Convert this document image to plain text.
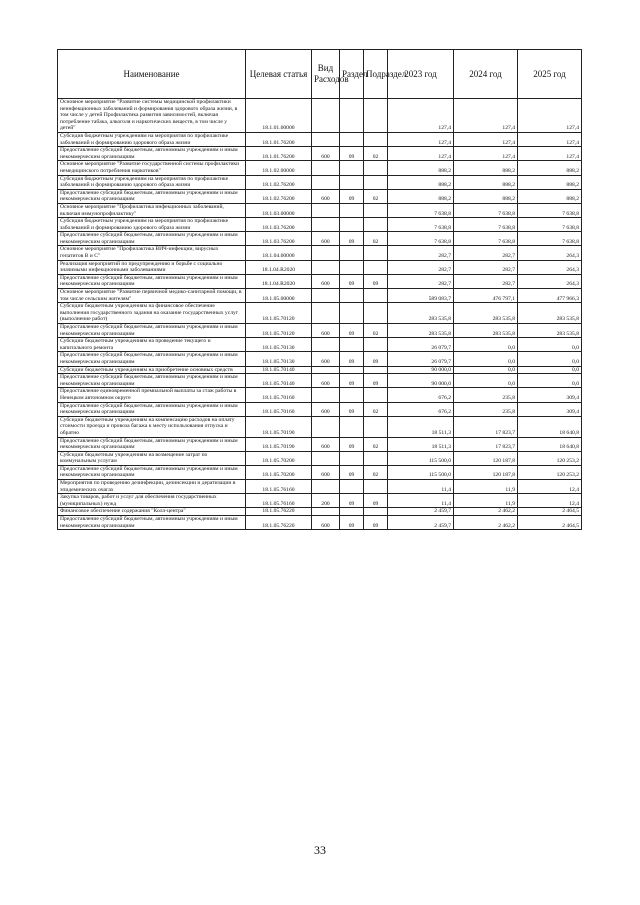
Наименование	Целевая статья	Вид Расходов	Раздел	Подраздел	2023 год	2024 год	2025 год
Основное мероприятие "Развитие системы медицинской профилактики неинфекционных заболеваний и формирования здорового образа жизни, в том числе у детей Профилактика развития зависимостей, включая потребление табака, алкоголя и наркотических веществ, в том числе у детей"	18.1.01.00000				127,4	127,4	127,4
Субсидия бюджетным учреждениям на мероприятия по профилактике заболеваний и формированию здорового образа жизни	18.1.01.76200				127,4	127,4	127,4
Предоставление субсидий бюджетным, автономным учреждениям и иным некоммерческим организациям	18.1.01.76200	600	09	02	127,4	127,4	127,4
Основное мероприятие "Развитие государственной системы профилактики немедицинского потребления наркотиков"	18.1.02.00000				888,2	888,2	888,2
Субсидия бюджетным учреждениям на мероприятия по профилактике заболеваний и формированию здорового образа жизни	18.1.02.76200				888,2	888,2	888,2
Предоставление субсидий бюджетным, автономным учреждениям и иным некоммерческим организациям	18.1.02.76200	600	09	02	888,2	888,2	888,2
Основное мероприятие "Профилактика инфекционных заболеваний, включая иммунопрофилактику"	18.1.03.00000				7 638,8	7 638,8	7 638,8
Субсидия бюджетным учреждениям на мероприятия по профилактике заболеваний и формированию здорового образа жизни	18.1.03.76200				7 638,8	7 638,8	7 638,8
Предоставление субсидий бюджетным, автономным учреждениям и иным некоммерческим организациям	18.1.03.76200	600	09	02	7 638,8	7 638,8	7 638,8
Основное мероприятие "Профилактика ВИЧ-инфекции, вирусных гепатитов В и С"	18.1.04.00000				282,7	282,7	264,3
Реализация мероприятий по предупреждению и борьбе с социально значимыми инфекционными заболеваниями	18.1.04.R2020				282,7	282,7	264,3
Предоставление субсидий бюджетным, автономным учреждениям и иным некоммерческим организациям	18.1.04.R2020	600	09	09	282,7	282,7	264,3
Основное мероприятие "Развитие первичной медико-санитарной помощи, в том числе сельским жителям"	18.1.05.00000				589 083,7	476 797,1	477 966,3
Субсидии бюджетным учреждениям на финансовое обеспечение выполнения государственного задания на оказание государственных услуг (выполнение работ)	18.1.05.70120				283 535,8	283 535,8	283 535,8
Предоставление субсидий бюджетным, автономным учреждениям и иным некоммерческим организациям	18.1.05.70120	600	09	02	283 535,8	283 535,8	283 535,8
Субсидии бюджетным учреждениям на проведение текущего и капитального ремонта	18.1.05.70130				26 079,7	0,0	0,0
Предоставление субсидий бюджетным, автономным учреждениям и иным некоммерческим организациям	18.1.05.70130	600	09	09	26 079,7	0,0	0,0
Субсидии бюджетным учреждениям на приобретение основных средств	18.1.05.70140				90 000,0	0,0	0,0
Предоставление субсидий бюджетным, автономным учреждениям и иным некоммерческим организациям	18.1.05.70140	600	09	09	90 000,0	0,0	0,0
Предоставление единовременной премиальной выплаты за стаж работы в Ненецком автономном округе	18.1.05.70160				676,2	235,8	309,4
Предоставление субсидий бюджетным, автономным учреждениям и иным некоммерческим организациям	18.1.05.70160	600	09	02	676,2	235,8	309,4
Субсидии бюджетным учреждениям на компенсацию расходов на оплату стоимости проезда и провоза багажа к месту использования отпуска и обратно	18.1.05.70190				18 511,3	17 823,7	18 640,8
Предоставление субсидий бюджетным, автономным учреждениям и иным некоммерческим организациям	18.1.05.70190	600	09	02	18 511,3	17 823,7	18 640,8
Субсидии бюджетным учреждениям на возмещение затрат по коммунальным услугам	18.1.05.70200				115 500,0	120 187,8	120 253,2
Предоставление субсидий бюджетным, автономным учреждениям и иным некоммерческим организациям	18.1.05.70200	600	09	02	115 500,0	120 187,8	120 253,2
Мероприятия по проведению дезинфекции, дезинсекции и дератизации в эпидемических очагах	18.1.05.76160				11,4	11,9	12,4
Закупка товаров, работ и услуг для обеспечения государственных (муниципальных) нужд	18.1.05.76160	200	09	09	11,4	11,9	12,4
Финансовое обеспечение содержания "Колл-центра"	18.1.05.76220				2 459,7	2 462,2	2 464,5
Предоставление субсидий бюджетным, автономным учреждениям и иным некоммерческим организациям	18.1.05.76220	600	09	09	2 459,7	2 462,2	2 464,5
33
